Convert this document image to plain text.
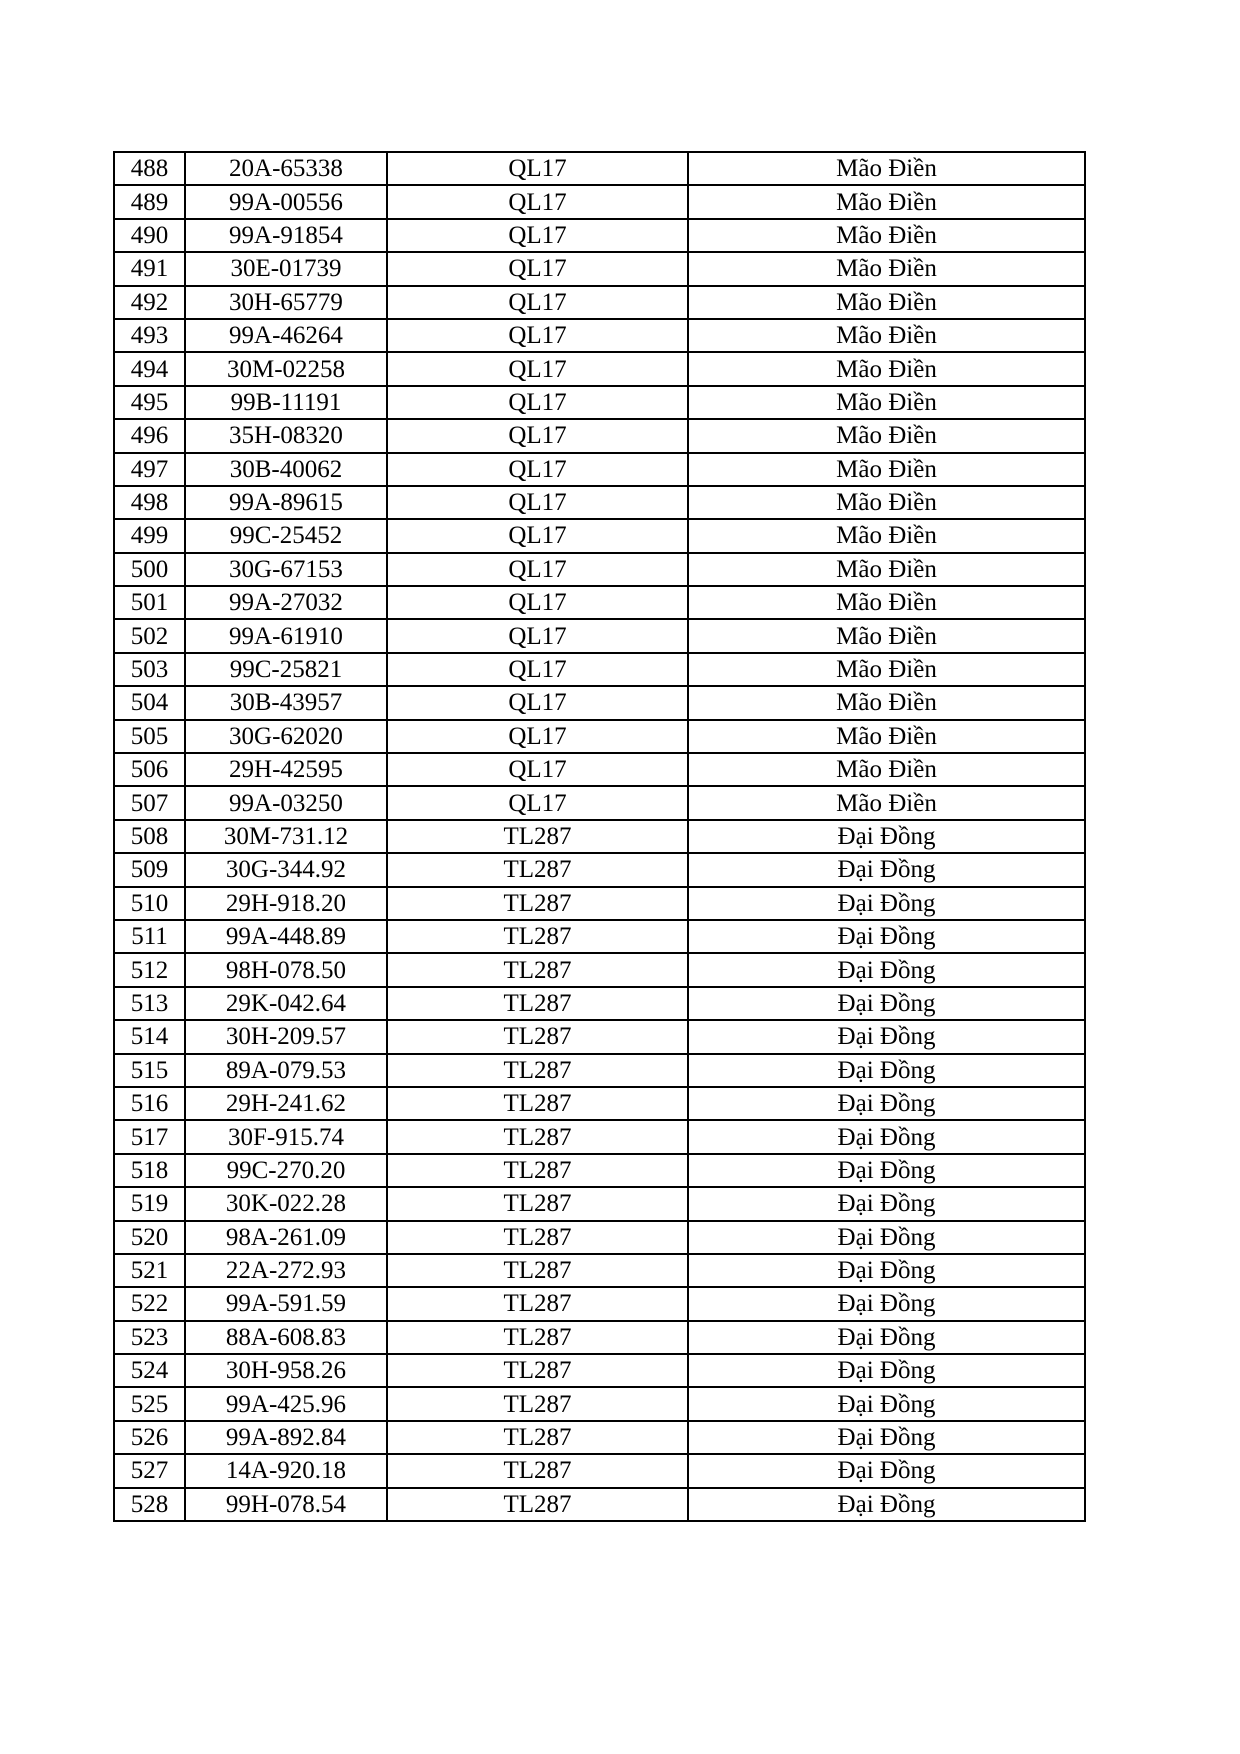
488	20A-65338	QL17	Mão Điền
489	99A-00556	QL17	Mão Điền
490	99A-91854	QL17	Mão Điền
491	30E-01739	QL17	Mão Điền
492	30H-65779	QL17	Mão Điền
493	99A-46264	QL17	Mão Điền
494	30M-02258	QL17	Mão Điền
495	99B-11191	QL17	Mão Điền
496	35H-08320	QL17	Mão Điền
497	30B-40062	QL17	Mão Điền
498	99A-89615	QL17	Mão Điền
499	99C-25452	QL17	Mão Điền
500	30G-67153	QL17	Mão Điền
501	99A-27032	QL17	Mão Điền
502	99A-61910	QL17	Mão Điền
503	99C-25821	QL17	Mão Điền
504	30B-43957	QL17	Mão Điền
505	30G-62020	QL17	Mão Điền
506	29H-42595	QL17	Mão Điền
507	99A-03250	QL17	Mão Điền
508	30M-731.12	TL287	Đại Đồng
509	30G-344.92	TL287	Đại Đồng
510	29H-918.20	TL287	Đại Đồng
511	99A-448.89	TL287	Đại Đồng
512	98H-078.50	TL287	Đại Đồng
513	29K-042.64	TL287	Đại Đồng
514	30H-209.57	TL287	Đại Đồng
515	89A-079.53	TL287	Đại Đồng
516	29H-241.62	TL287	Đại Đồng
517	30F-915.74	TL287	Đại Đồng
518	99C-270.20	TL287	Đại Đồng
519	30K-022.28	TL287	Đại Đồng
520	98A-261.09	TL287	Đại Đồng
521	22A-272.93	TL287	Đại Đồng
522	99A-591.59	TL287	Đại Đồng
523	88A-608.83	TL287	Đại Đồng
524	30H-958.26	TL287	Đại Đồng
525	99A-425.96	TL287	Đại Đồng
526	99A-892.84	TL287	Đại Đồng
527	14A-920.18	TL287	Đại Đồng
528	99H-078.54	TL287	Đại Đồng
